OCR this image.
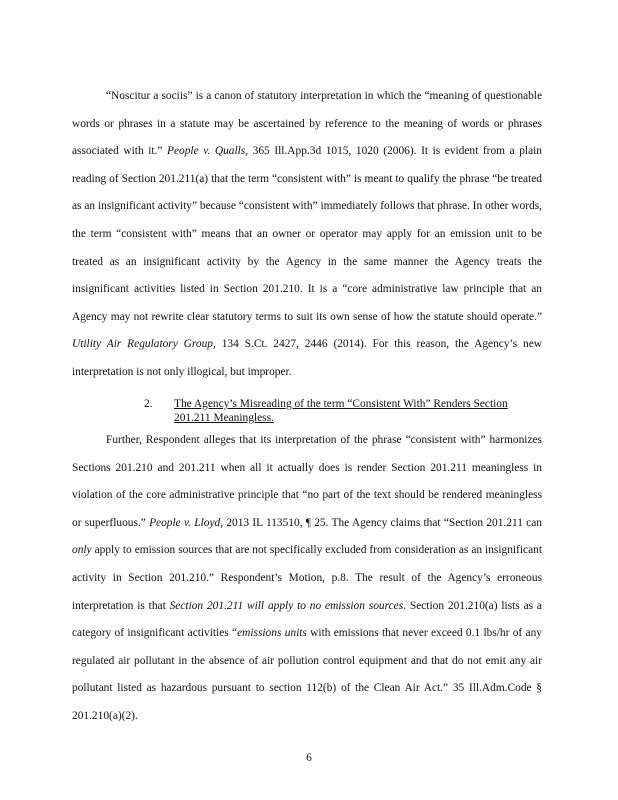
“Noscitur a sociis” is a canon of statutory interpretation in which the “meaning of questionable words or phrases in a statute may be ascertained by reference to the meaning of words or phrases associated with it.” People v. Qualls, 365 Ill.App.3d 1015, 1020 (2006). It is evident from a plain reading of Section 201.211(a) that the term “consistent with” is meant to qualify the phrase “be treated as an insignificant activity” because “consistent with” immediately follows that phrase. In other words, the term “consistent with” means that an owner or operator may apply for an emission unit to be treated as an insignificant activity by the Agency in the same manner the Agency treats the insignificant activities listed in Section 201.210. It is a “core administrative law principle that an Agency may not rewrite clear statutory terms to suit its own sense of how the statute should operate.” Utility Air Regulatory Group, 134 S.Ct. 2427, 2446 (2014). For this reason, the Agency’s new interpretation is not only illogical, but improper.

2. The Agency’s Misreading of the term “Consistent With” Renders Section 201.211 Meaningless.

Further, Respondent alleges that its interpretation of the phrase “consistent with” harmonizes Sections 201.210 and 201.211 when all it actually does is render Section 201.211 meaningless in violation of the core administrative principle that “no part of the text should be rendered meaningless or superfluous.” People v. Lloyd, 2013 IL 113510, ¶ 25. The Agency claims that “Section 201.211 can only apply to emission sources that are not specifically excluded from consideration as an insignificant activity in Section 201.210.” Respondent’s Motion, p.8. The result of the Agency’s erroneous interpretation is that Section 201.211 will apply to no emission sources. Section 201.210(a) lists as a category of insignificant activities “emissions units with emissions that never exceed 0.1 lbs/hr of any regulated air pollutant in the absence of air pollution control equipment and that do not emit any air pollutant listed as hazardous pursuant to section 112(b) of the Clean Air Act.” 35 Ill.Adm.Code § 201.210(a)(2).

6
